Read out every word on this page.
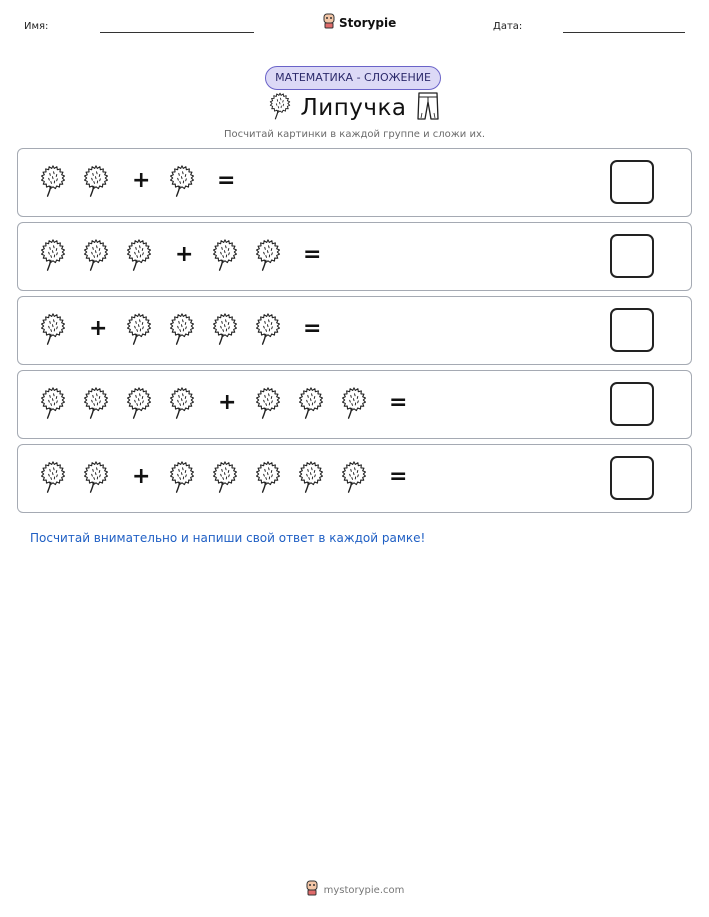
Имя:	Storypie	Дата:
МАТЕМАТИКА - СЛОЖЕНИЕ
Липучка
Посчитай картинки в каждой группе и сложи их.
+	=
+	=
+	=
+	=
+	=
Посчитай внимательно и напиши свой ответ в каждой рамке!
mystorypie.com
